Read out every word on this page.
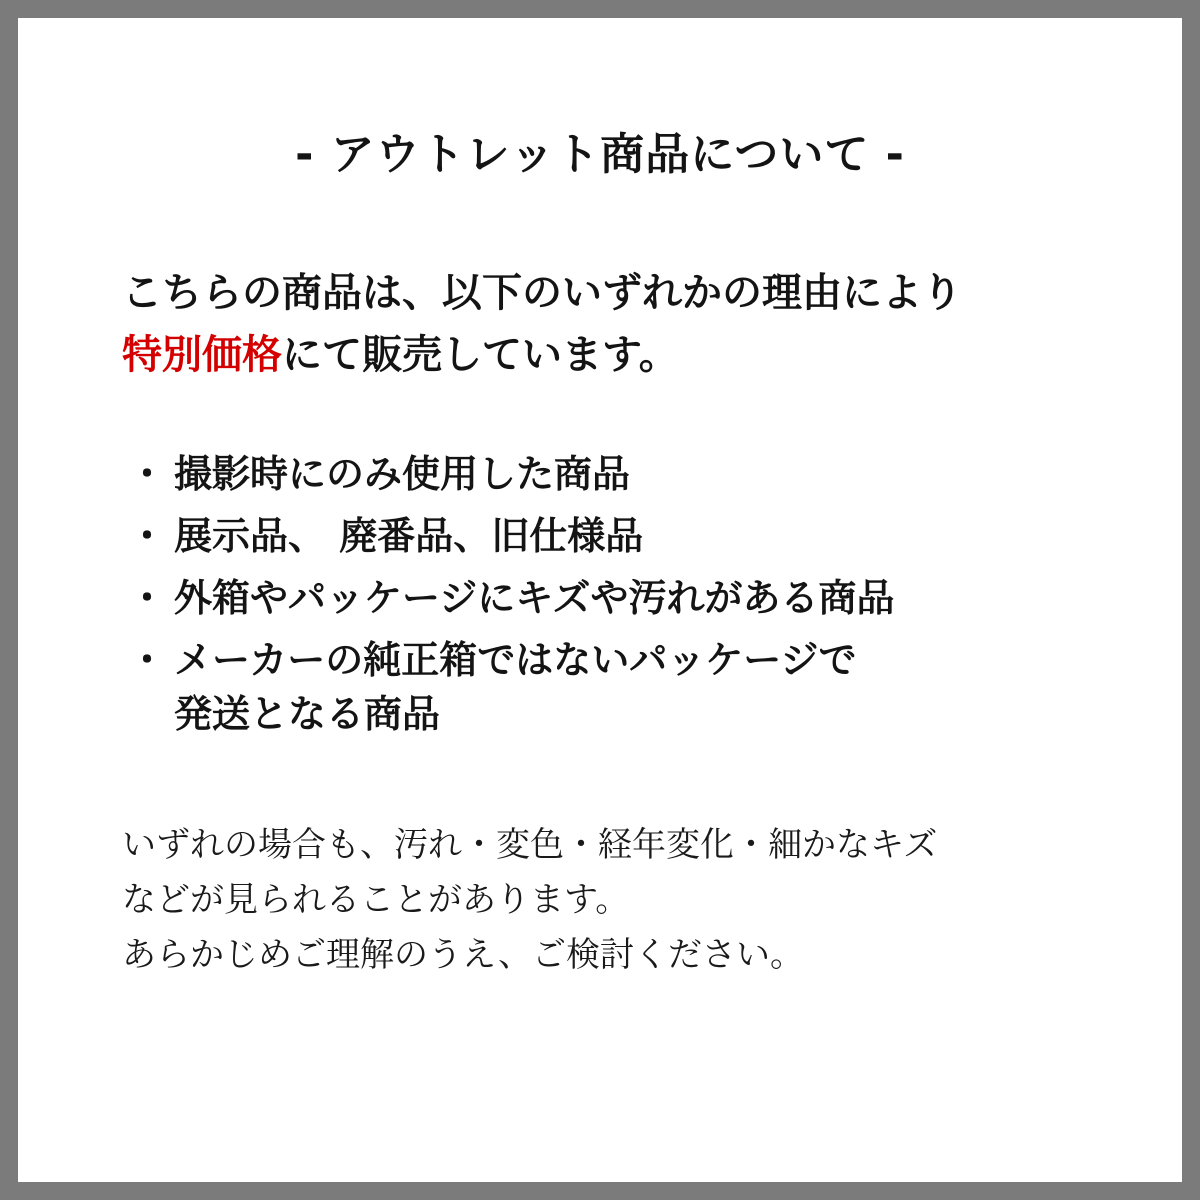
- アウトレット商品について -

こちらの商品は、以下のいずれかの理由により
特別価格にて販売しています。

・ 撮影時にのみ使用した商品
・ 展示品、 廃番品、旧仕様品
・ 外箱やパッケージにキズや汚れがある商品
・ メーカーの純正箱ではないパッケージで
発送となる商品

いずれの場合も、汚れ・変色・経年変化・細かなキズ

などが見られることがあります。

あらかじめご理解のうえ、ご検討ください。
